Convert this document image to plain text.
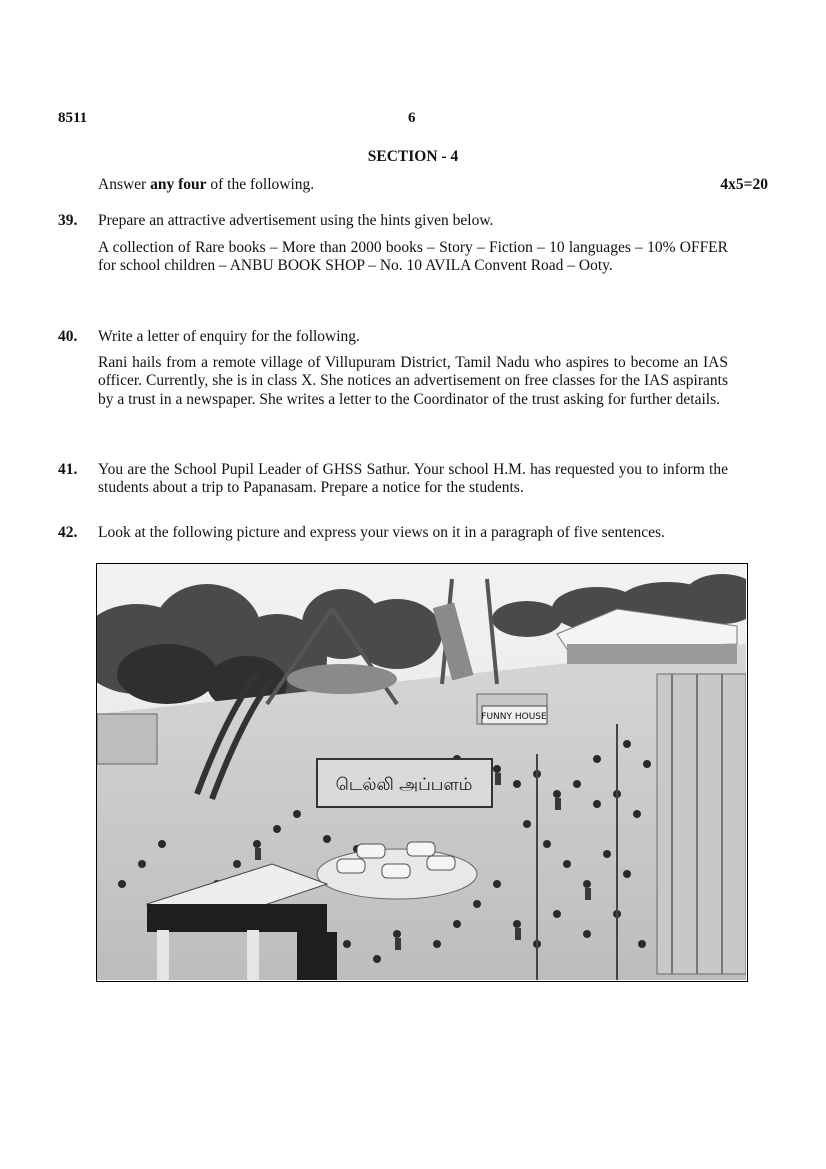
8511	6
SECTION - 4
Answer any four of the following.	4x5=20
39. Prepare an attractive advertisement using the hints given below.
A collection of Rare books – More than 2000 books – Story – Fiction – 10 languages – 10% OFFER for school children – ANBU BOOK SHOP – No. 10 AVILA Convent Road – Ooty.
40. Write a letter of enquiry for the following.
Rani hails from a remote village of Villupuram District, Tamil Nadu who aspires to become an IAS officer. Currently, she is in class X. She notices an advertisement on free classes for the IAS aspirants by a trust in a newspaper. She writes a letter to the Coordinator of the trust asking for further details.
41. You are the School Pupil Leader of GHSS Sathur. Your school H.M. has requested you to inform the students about a trip to Papanasam. Prepare a notice for the students.
42. Look at the following picture and express your views on it in a paragraph of five sentences.
டெல்லி அப்பளம்
FUNNY HOUSE
